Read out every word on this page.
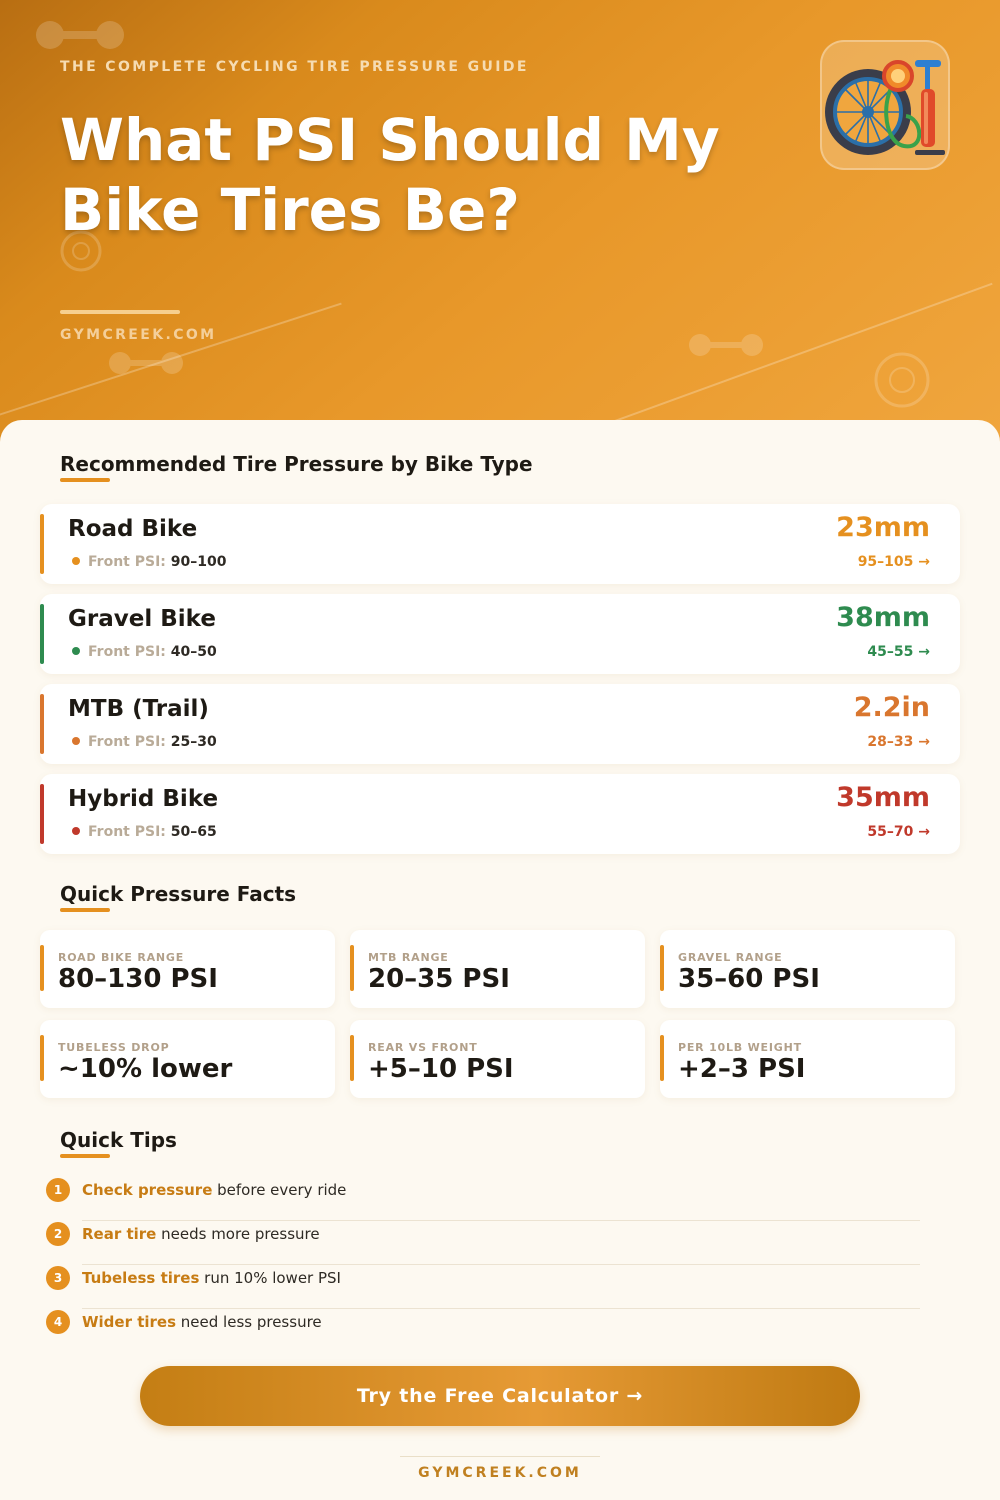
THE COMPLETE CYCLING TIRE PRESSURE GUIDE
What PSI Should My Bike Tires Be?
GYMCREEK.COM
Recommended Tire Pressure by Bike Type
Road Bike
Front PSI: 90–100
23mm
95–105 →
Gravel Bike
Front PSI: 40–50
38mm
45–55 →
MTB (Trail)
Front PSI: 25–30
2.2in
28–33 →
Hybrid Bike
Front PSI: 50–65
35mm
55–70 →
Quick Pressure Facts
ROAD BIKE RANGE
80–130 PSI
MTB RANGE
20–35 PSI
GRAVEL RANGE
35–60 PSI
TUBELESS DROP
~10% lower
REAR VS FRONT
+5–10 PSI
PER 10LB WEIGHT
+2–3 PSI
Quick Tips
1	Check pressure before every ride
2	Rear tire needs more pressure
3	Tubeless tires run 10% lower PSI
4	Wider tires need less pressure
Try the Free Calculator →
GYMCREEK.COM
